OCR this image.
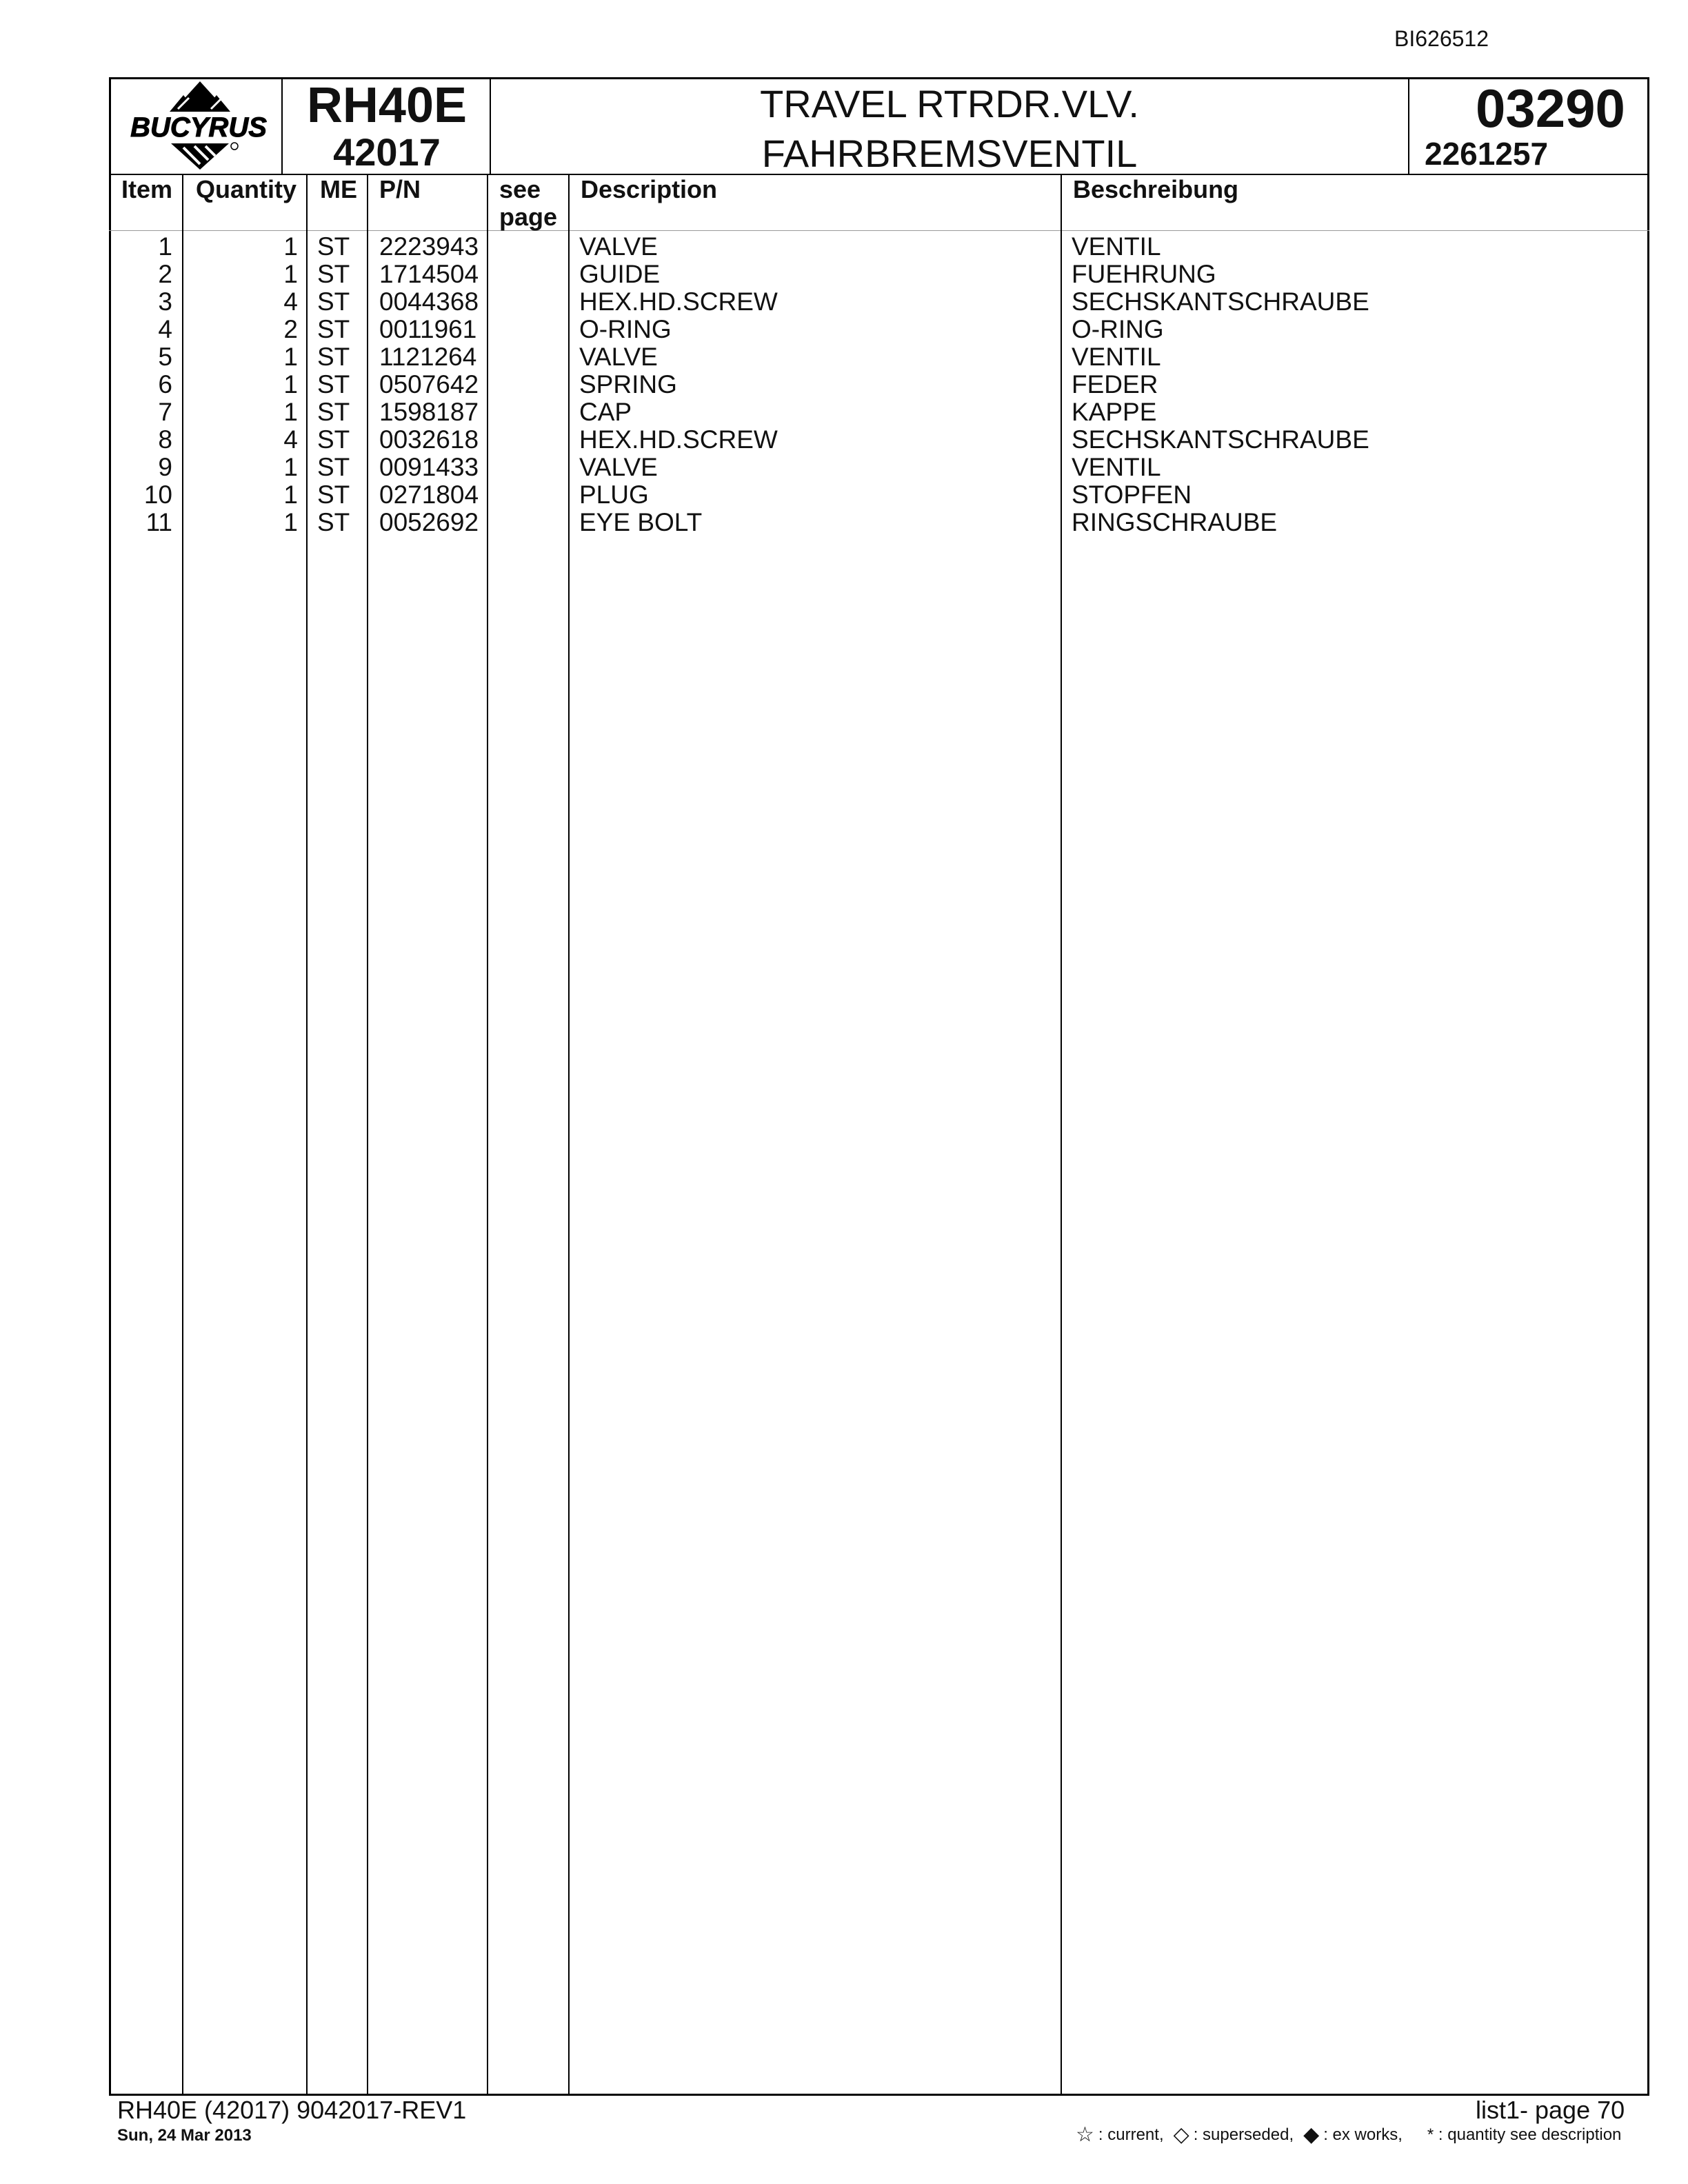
BI626512
BUCYRUS RH40E
42017
TRAVEL RTRDR.VLV.
FAHRBREMSVENTIL
03290
2261257
Item Quantity ME P/N	see
page
Description	Beschreibung
1	1 ST 2223943	VALVE	VENTIL
2	1 ST 1714504	GUIDE	FUEHRUNG
3	4 ST 0044368	HEX.HD.SCREW	SECHSKANTSCHRAUBE
4	2 ST 0011961	O-RING	O-RING
5	1 ST 1121264	VALVE	VENTIL
6	1 ST 0507642	SPRING	FEDER
7	1 ST 1598187	CAP	KAPPE
8	4 ST 0032618	HEX.HD.SCREW	SECHSKANTSCHRAUBE
9	1 ST 0091433	VALVE	VENTIL
10	1 ST 0271804	PLUG	STOPFEN
11	1 ST 0052692	EYE BOLT	RINGSCHRAUBE
RH40E (42017) 9042017-REV1
Sun, 24 Mar 2013
list1- page 70
☆ : current, ◇ : superseded, ◆ : ex works, * : quantity see description
